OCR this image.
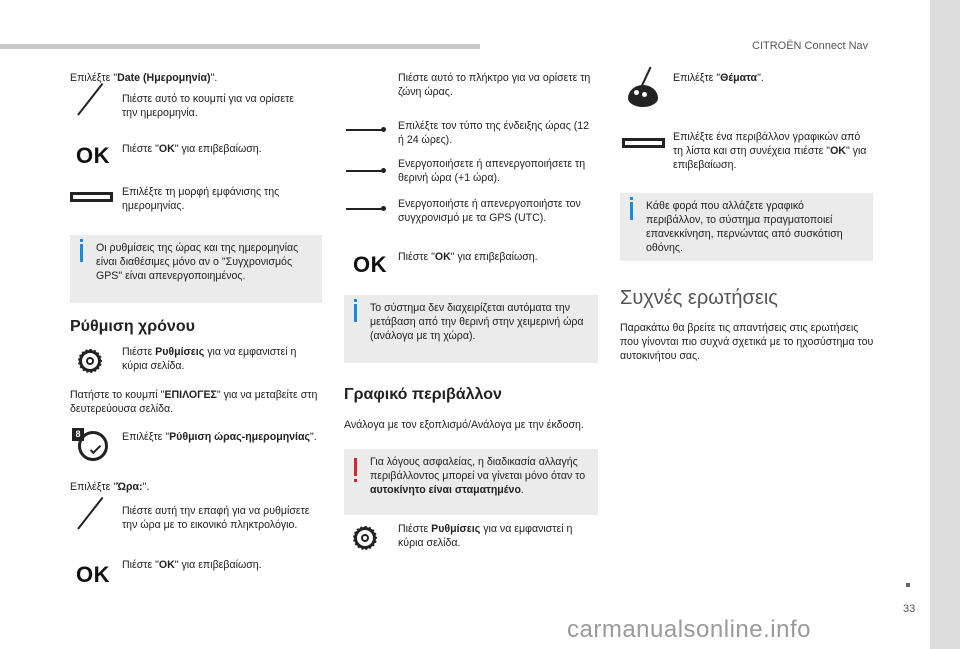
CITROËN Connect Nav
33
carmanualsonline.info
Επιλέξτε "Date (Ημερομηνία)".
Πιέστε αυτό το κουμπί για να ορίσετε την ημερομηνία.
OK Πιέστε "OK" για επιβεβαίωση.
Επιλέξτε τη μορφή εμφάνισης της ημερομηνίας.
Οι ρυθμίσεις της ώρας και της ημερομηνίας είναι διαθέσιμες μόνο αν ο "Συγχρονισμός GPS" είναι απενεργοποιημένος.
Ρύθμιση χρόνου
Πιέστε Ρυθμίσεις για να εμφανιστεί η κύρια σελίδα.
Πατήστε το κουμπί "ΕΠΙΛΟΓΕΣ" για να μεταβείτε στη δευτερεύουσα σελίδα.
8	Επιλέξτε "Ρύθμιση ώρας-ημερομηνίας".
Επιλέξτε "Ώρα:".
Πιέστε αυτή την επαφή για να ρυθμίσετε την ώρα με το εικονικό πληκτρολόγιο.
OK Πιέστε "OK" για επιβεβαίωση.
Πιέστε αυτό το πλήκτρο για να ορίσετε τη ζώνη ώρας.
Επιλέξτε τον τύπο της ένδειξης ώρας (12 ή 24 ώρες).
Ενεργοποιήσετε ή απενεργοποιήσετε τη θερινή ώρα (+1 ώρα).
Ενεργοποιήστε ή απενεργοποιήστε τον συγχρονισμό με τα GPS (UTC).
OK Πιέστε "OK" για επιβεβαίωση.
Το σύστημα δεν διαχειρίζεται αυτόματα την μετάβαση από την θερινή στην χειμερινή ώρα (ανάλογα με τη χώρα).
Γραφικό περιβάλλον
Ανάλογα με τον εξοπλισμό/Ανάλογα με την έκδοση.
Για λόγους ασφαλείας, η διαδικασία αλλαγής περιβάλλοντος μπορεί να γίνεται μόνο όταν το αυτοκίνητο είναι σταματημένο.
Πιέστε Ρυθμίσεις για να εμφανιστεί η κύρια σελίδα.
Επιλέξτε "Θέματα".
Επιλέξτε ένα περιβάλλον γραφικών από τη λίστα και στη συνέχεια πιέστε "OK" για επιβεβαίωση.
Κάθε φορά που αλλάζετε γραφικό περιβάλλον, το σύστημα πραγματοποιεί επανεκκίνηση, περνώντας από συσκότιση οθόνης.
Συχνές ερωτήσεις
Παρακάτω θα βρείτε τις απαντήσεις στις ερωτήσεις που γίνονται πιο συχνά σχετικά με το ηχοσύστημα του αυτοκινήτου σας.
